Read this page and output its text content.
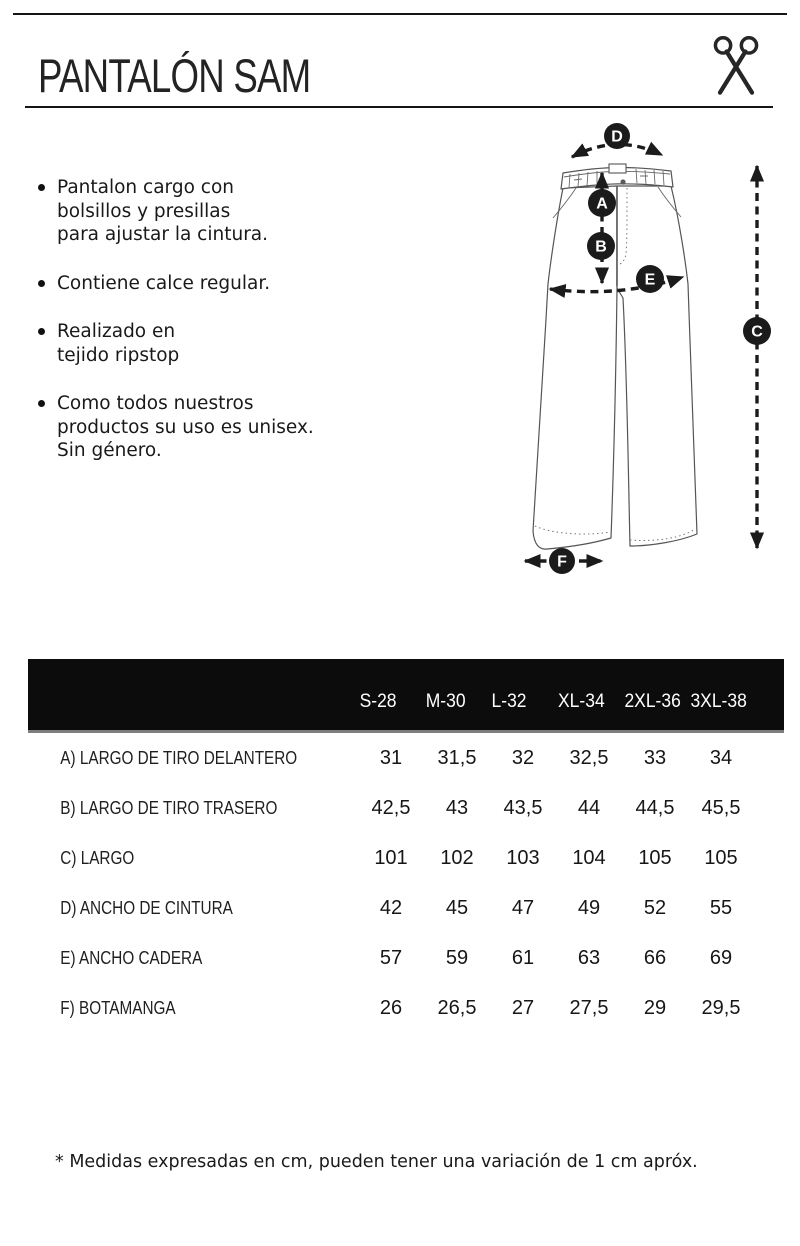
PANTALÓN SAM
Pantalon cargo con
bolsillos y presillas
para ajustar la cintura.
Contiene calce regular.
Realizado en
tejido ripstop
Como todos nuestros
productos su uso es unisex.
Sin género.
D
A
B
E
C
F
S-28	M-30	L-32	XL-34	2XL-36 3XL-38
A) LARGO DE TIRO DELANTERO	31	31,5	32	32,5	33	34
B) LARGO DE TIRO TRASERO	42,5	43	43,5	44	44,5	45,5
C) LARGO	101	102	103	104	105	105
D) ANCHO DE CINTURA	42	45	47	49	52	55
E) ANCHO CADERA	57	59	61	63	66	69
F) BOTAMANGA	26	26,5	27	27,5	29	29,5
* Medidas expresadas en cm, pueden tener una variación de 1 cm apróx.
